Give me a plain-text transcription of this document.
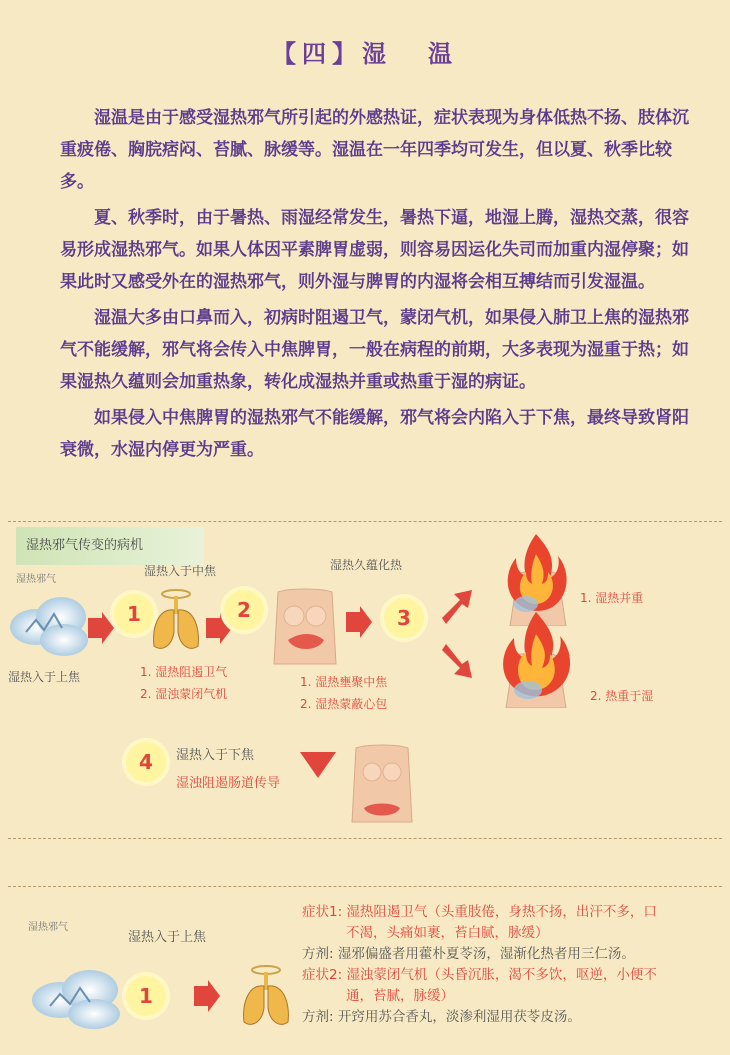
【四】湿 温

湿温是由于感受湿热邪气所引起的外感热证，症状表现为身体低热不扬、肢体沉重疲倦、胸脘痞闷、苔腻、脉缓等。湿温在一年四季均可发生，但以夏、秋季比较多。

夏、秋季时，由于暑热、雨湿经常发生，暑热下逼，地湿上腾，湿热交蒸，很容易形成湿热邪气。如果人体因平素脾胃虚弱，则容易因运化失司而加重内湿停聚；如果此时又感受外在的湿热邪气，则外湿与脾胃的内湿将会相互搏结而引发湿温。

湿温大多由口鼻而入，初病时阻遏卫气，蒙闭气机，如果侵入肺卫上焦的湿热邪气不能缓解，邪气将会传入中焦脾胃，一般在病程的前期，大多表现为湿重于热；如果湿热久蕴则会加重热象，转化成湿热并重或热重于湿的病证。

如果侵入中焦脾胃的湿热邪气不能缓解，邪气将会内陷入于下焦，最终导致肾阳衰微，水湿内停更为严重。

湿热邪气传变的病机
湿热邪气
湿热入于上焦
1
湿热入于中焦
2
1. 湿热阻遏卫气
2. 湿浊蒙闭气机
湿热久蕴化热
1. 湿热壅聚中焦
2. 湿热蒙蔽心包
3
1. 湿热并重
2. 热重于湿
4	湿热入于下焦
湿浊阻遏肠道传导
湿热邪气
湿热入于上焦
1
症状1: 湿热阻遏卫气（头重肢倦，身热不扬，出汗不多，口
不渴，头痛如裹，苔白腻，脉缓）
方剂: 湿邪偏盛者用藿朴夏苓汤，湿渐化热者用三仁汤。
症状2: 湿浊蒙闭气机（头昏沉胀，渴不多饮，呕逆，小便不
通，苔腻，脉缓）
方剂: 开窍用苏合香丸，淡渗利湿用茯苓皮汤。
